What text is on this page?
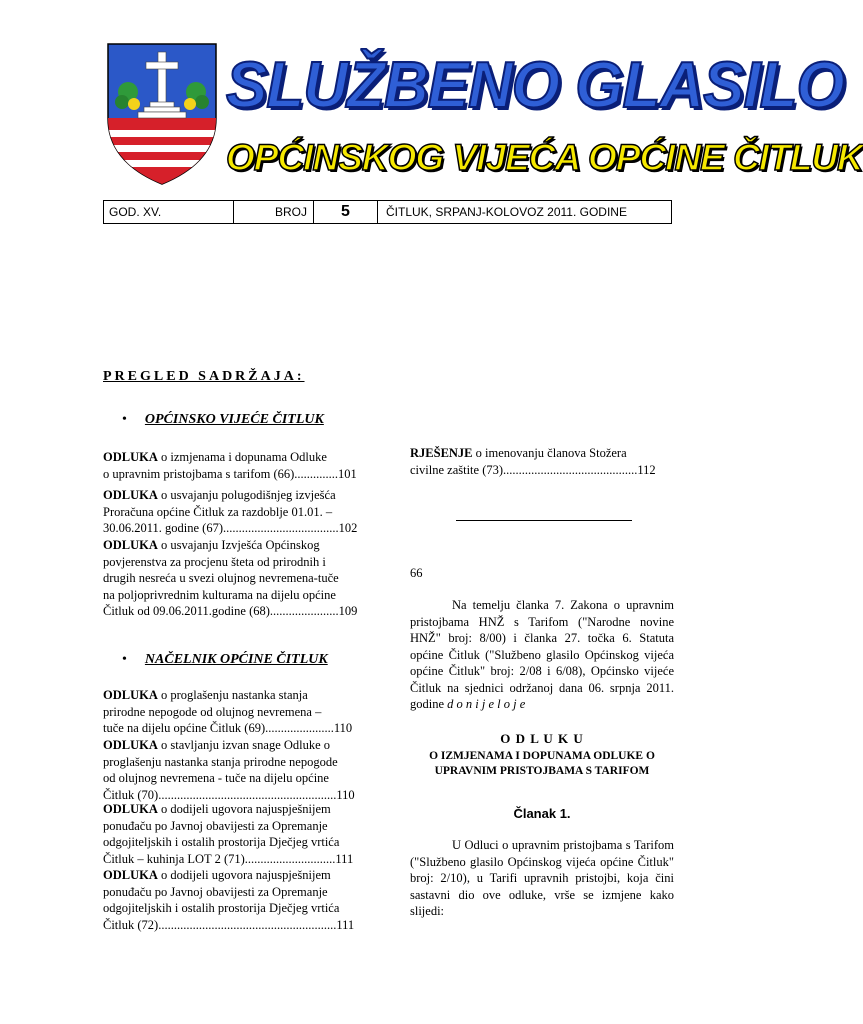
SLUŽBENO GLASILO
OPĆINSKOG VIJEĆA OPĆINE ČITLUK
GOD. XV.	BROJ	5	ČITLUK, SRPANJ-KOLOVOZ 2011. GODINE
PREGLED SADRŽAJA:
• OPĆINSKO VIJEĆE ČITLUK
ODLUKA o izmjenama i dopunama Odluke
o upravnim pristojbama s tarifom (66)..............101
ODLUKA o usvajanju polugodišnjeg izvješća
Proračuna općine Čitluk za razdoblje 01.01. –
30.06.2011. godine (67).....................................102
ODLUKA o usvajanju Izvješća Općinskog
povjerenstva za procjenu šteta od prirodnih i
drugih nesreća u svezi olujnog nevremena-tuče
na poljoprivrednim kulturama na dijelu općine
Čitluk od 09.06.2011.godine (68)......................109
• NAČELNIK OPĆINE ČITLUK
ODLUKA o proglašenju nastanka stanja
prirodne nepogode od olujnog nevremena –
tuče na dijelu općine Čitluk (69)......................110
ODLUKA o stavljanju izvan snage Odluke o
proglašenju nastanka stanja prirodne nepogode
od olujnog nevremena - tuče na dijelu općine
Čitluk (70).........................................................110
ODLUKA o dodijeli ugovora najuspješnijem
ponuđaču po Javnoj obavijesti za Opremanje
odgojiteljskih i ostalih prostorija Dječjeg vrtića
Čitluk – kuhinja LOT 2 (71).............................111
ODLUKA o dodijeli ugovora najuspješnijem
ponuđaču po Javnoj obavijesti za Opremanje
odgojiteljskih i ostalih prostorija Dječjeg vrtića
Čitluk (72).........................................................111
RJEŠENJE o imenovanju članova Stožera
civilne zaštite (73)...........................................112
66
Na temelju članka 7. Zakona o upravnim pristojbama HNŽ s Tarifom ("Narodne novine HNŽ" broj: 8/00) i članka 27. točka 6. Statuta općine Čitluk ("Službeno glasilo Općinskog vijeća općine Čitluk" broj: 2/08 i 6/08), Općinsko vijeće Čitluk na sjednici održanoj dana 06. srpnja 2011. godine d o n i j e l o j e
O D L U K U
O IZMJENAMA I DOPUNAMA ODLUKE O
UPRAVNIM PRISTOJBAMA S TARIFOM
Članak 1.
U Odluci o upravnim pristojbama s Tarifom ("Službeno glasilo Općinskog vijeća općine Čitluk" broj: 2/10), u Tarifi upravnih pristojbi, koja čini sastavni dio ove odluke, vrše se izmjene kako slijedi:
